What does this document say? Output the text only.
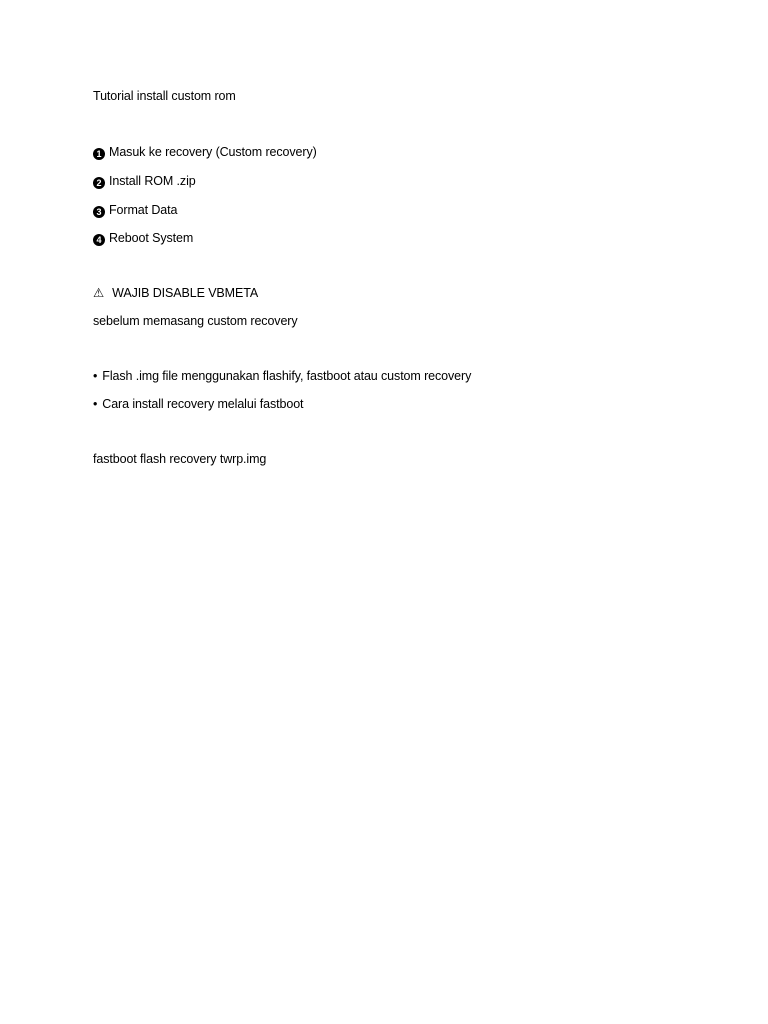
Tutorial install custom rom
1 Masuk ke recovery (Custom recovery)
2 Install ROM .zip
3 Format Data
4 Reboot System
⚠ WAJIB DISABLE VBMETA
sebelum memasang custom recovery
• Flash .img file menggunakan flashify, fastboot atau custom recovery
• Cara install recovery melalui fastboot
fastboot flash recovery twrp.img
